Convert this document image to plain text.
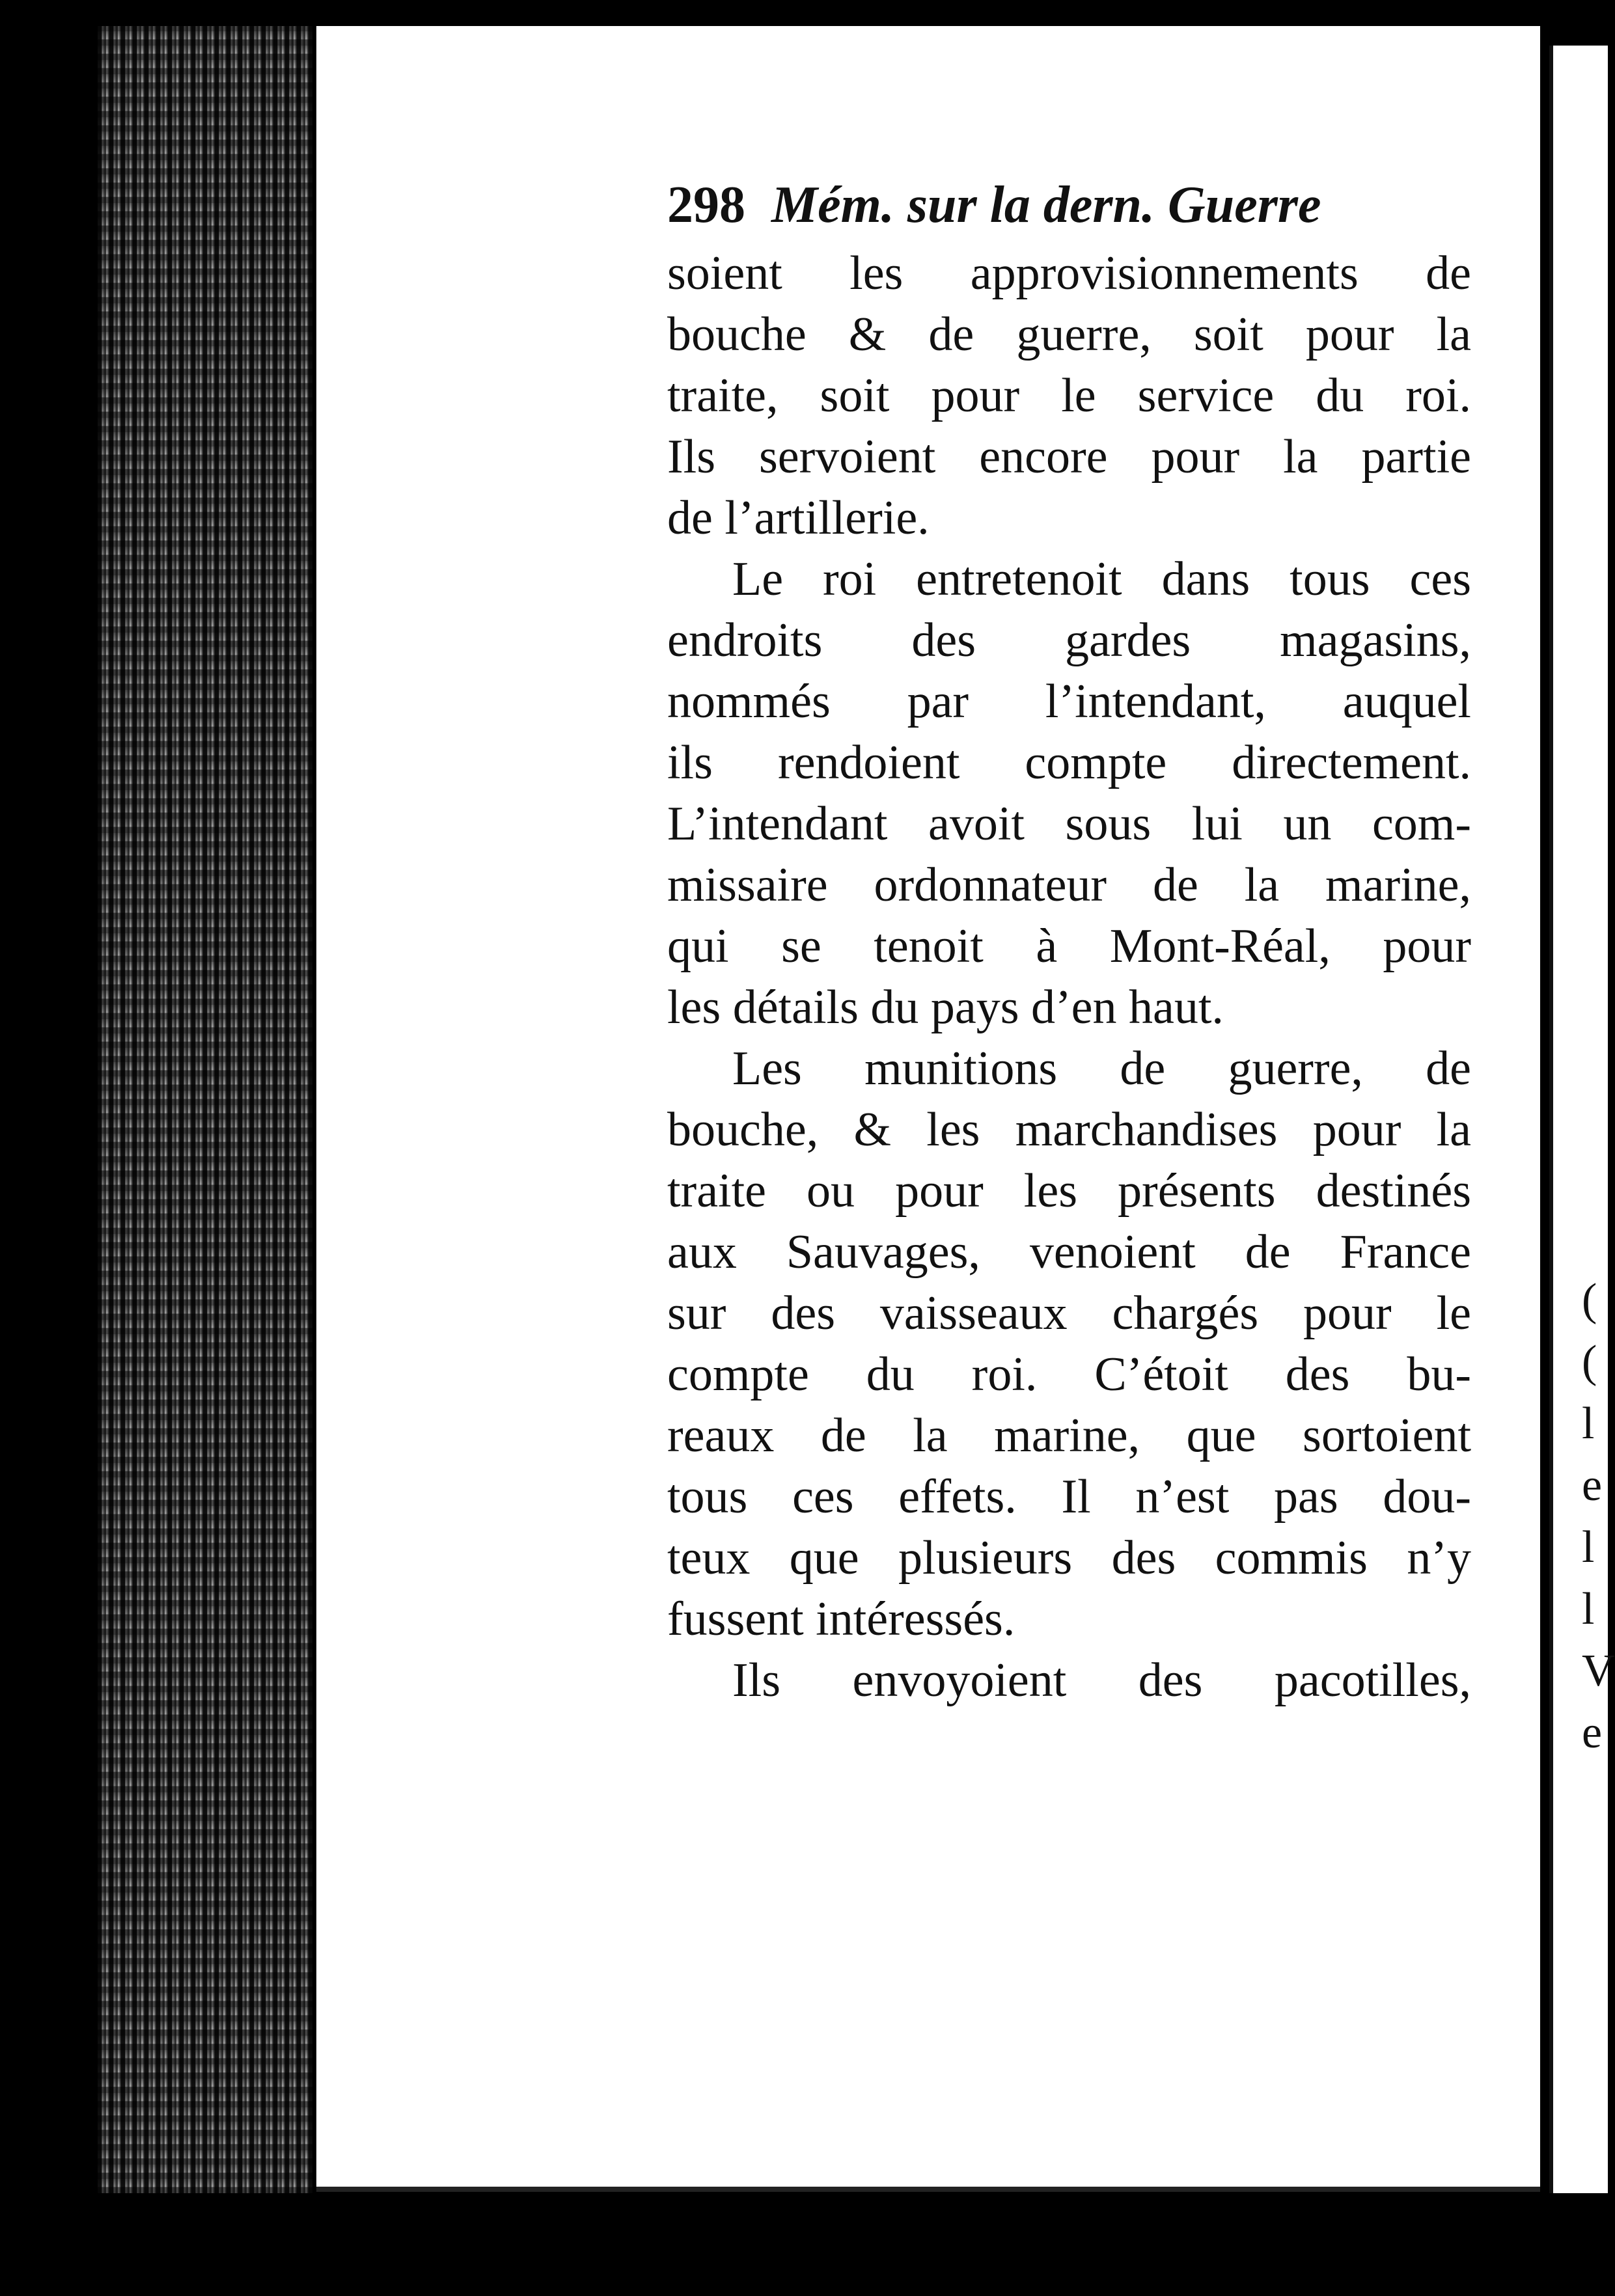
(
(
l
e
l
l
V
e
298 Mém. sur la dern. Guerre
soient les approvisionnements de
bouche & de guerre, soit pour la
traite, soit pour le service du roi.
Ils servoient encore pour la partie
de l’artillerie.
Le roi entretenoit dans tous ces
endroits des gardes magasins,
nommés par l’intendant, auquel
ils rendoient compte directement.
L’intendant avoit sous lui un com-
missaire ordonnateur de la marine,
qui se tenoit à Mont-Réal, pour
les détails du pays d’en haut.
Les munitions de guerre, de
bouche, & les marchandises pour la
traite ou pour les présents destinés
aux Sauvages, venoient de France
sur des vaisseaux chargés pour le
compte du roi. C’étoit des bu-
reaux de la marine, que sortoient
tous ces effets. Il n’est pas dou-
teux que plusieurs des commis n’y
fussent intéressés.
Ils envoyoient des pacotilles,
